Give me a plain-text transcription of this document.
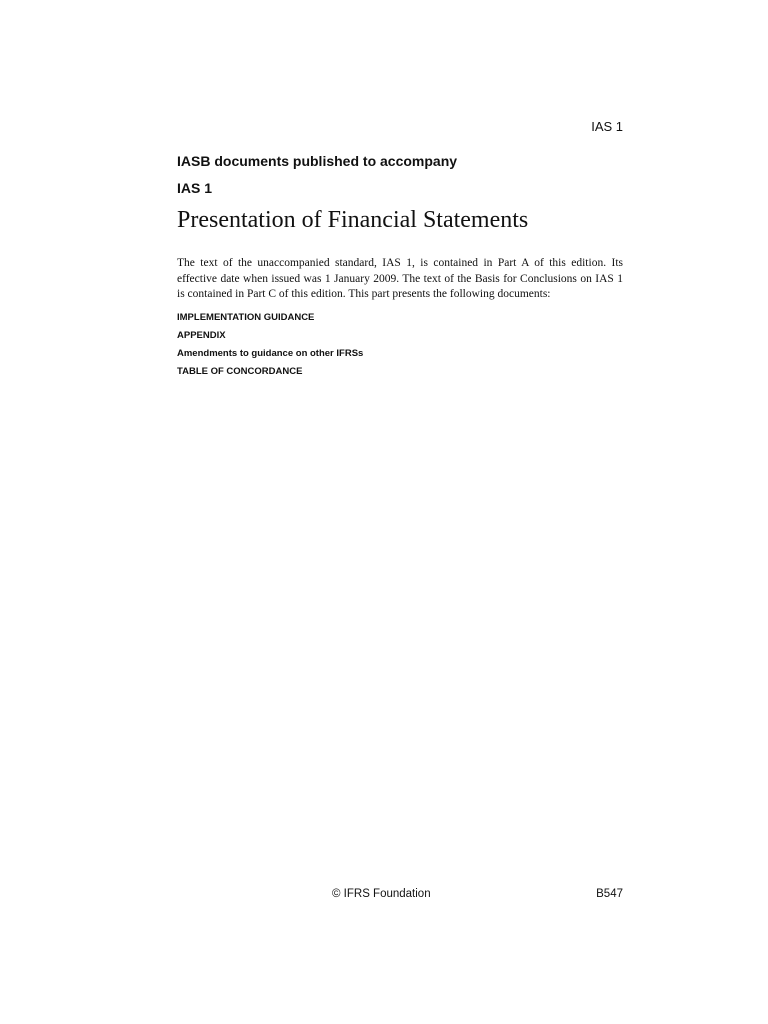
IAS 1
IASB documents published to accompany
IAS 1
Presentation of Financial Statements

The text of the unaccompanied standard, IAS 1, is contained in Part A of this edition. Its effective date when issued was 1 January 2009. The text of the Basis for Conclusions on IAS 1 is contained in Part C of this edition. This part presents the following documents:

IMPLEMENTATION GUIDANCE
APPENDIX
Amendments to guidance on other IFRSs
TABLE OF CONCORDANCE
© IFRS Foundation	B547
